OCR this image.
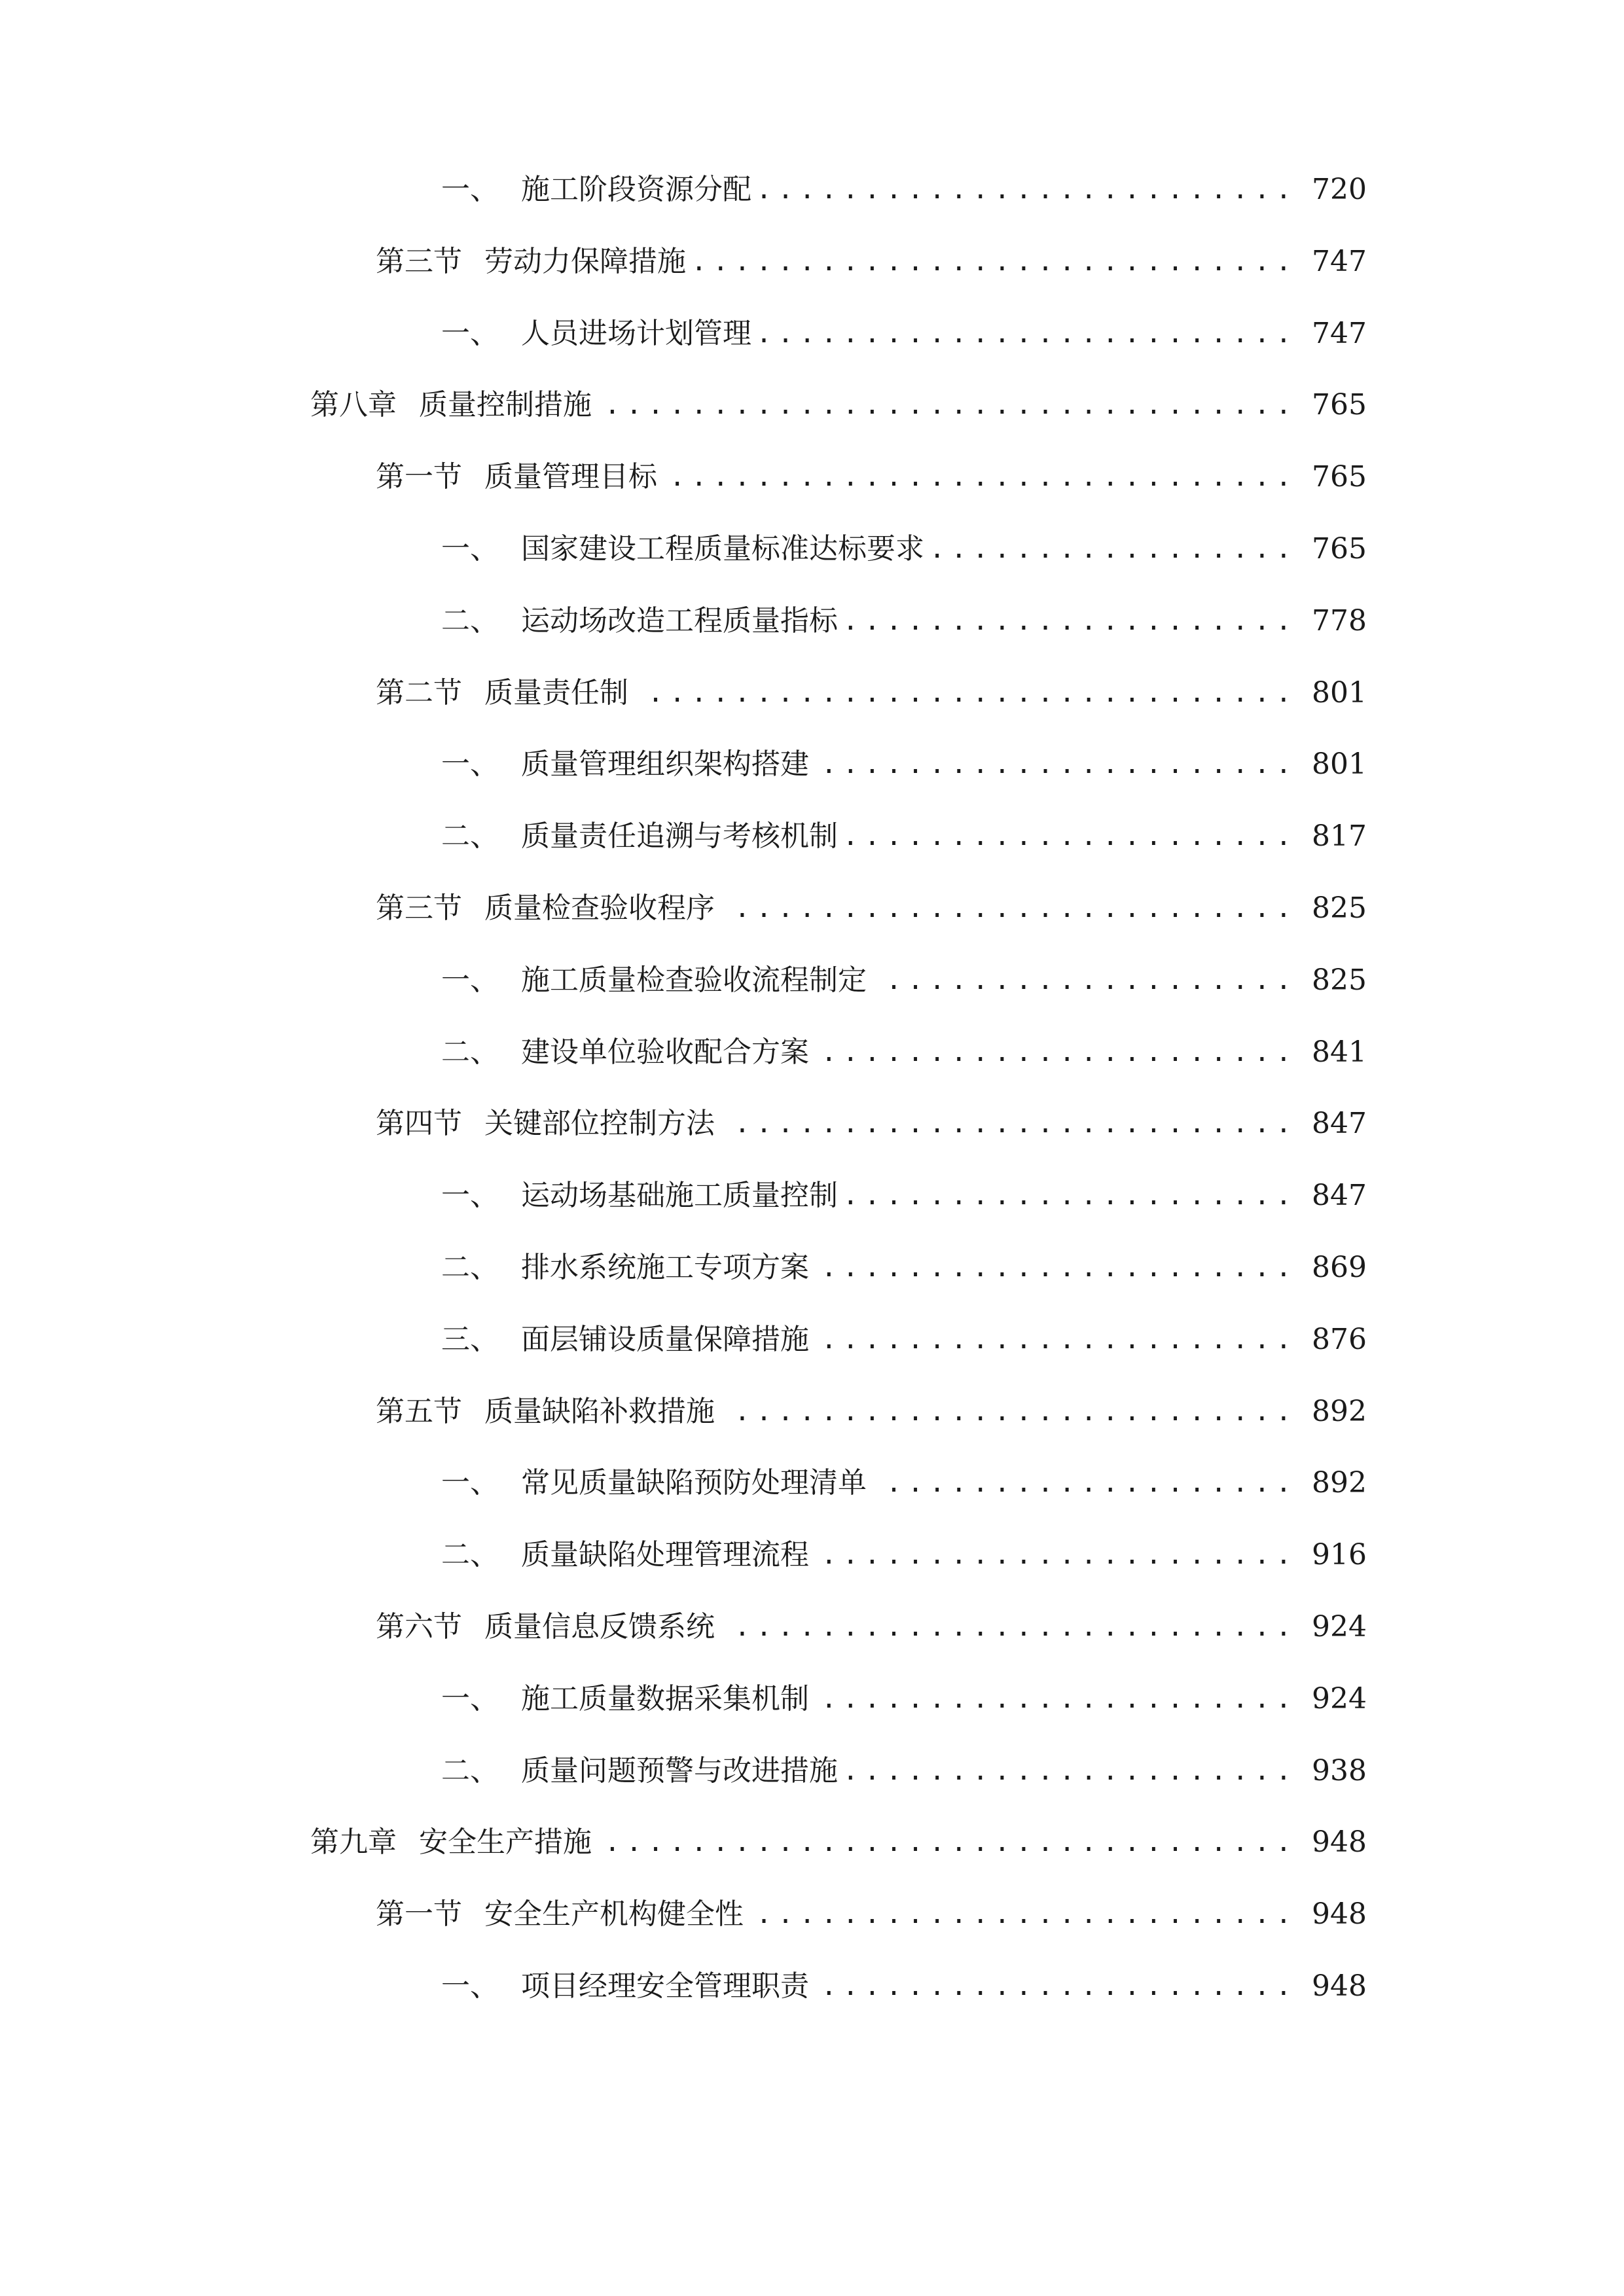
一、 施工阶段资源分配 .....	720
第三节 劳动力保障措施 .....	747
一、 人员进场计划管理 .....	747
第八章 质量控制措施 .....	765
第一节 质量管理目标 .....	765
一、 国家建设工程质量标准达标要求 .....	765
二、 运动场改造工程质量指标 .....	778
第二节 质量责任制 .....	801
一、 质量管理组织架构搭建 .....	801
二、 质量责任追溯与考核机制 .....	817
第三节 质量检查验收程序 .....	825
一、 施工质量检查验收流程制定 .....	825
二、 建设单位验收配合方案 .....	841
第四节 关键部位控制方法 .....	847
一、 运动场基础施工质量控制 .....	847
二、 排水系统施工专项方案 .....	869
三、 面层铺设质量保障措施 .....	876
第五节 质量缺陷补救措施 .....	892
一、 常见质量缺陷预防处理清单 .....	892
二、 质量缺陷处理管理流程 .....	916
第六节 质量信息反馈系统 .....	924
一、 施工质量数据采集机制 .....	924
二、 质量问题预警与改进措施 .....	938
第九章 安全生产措施 .....	948
第一节 安全生产机构健全性 .....	948
一、 项目经理安全管理职责 .....	948
